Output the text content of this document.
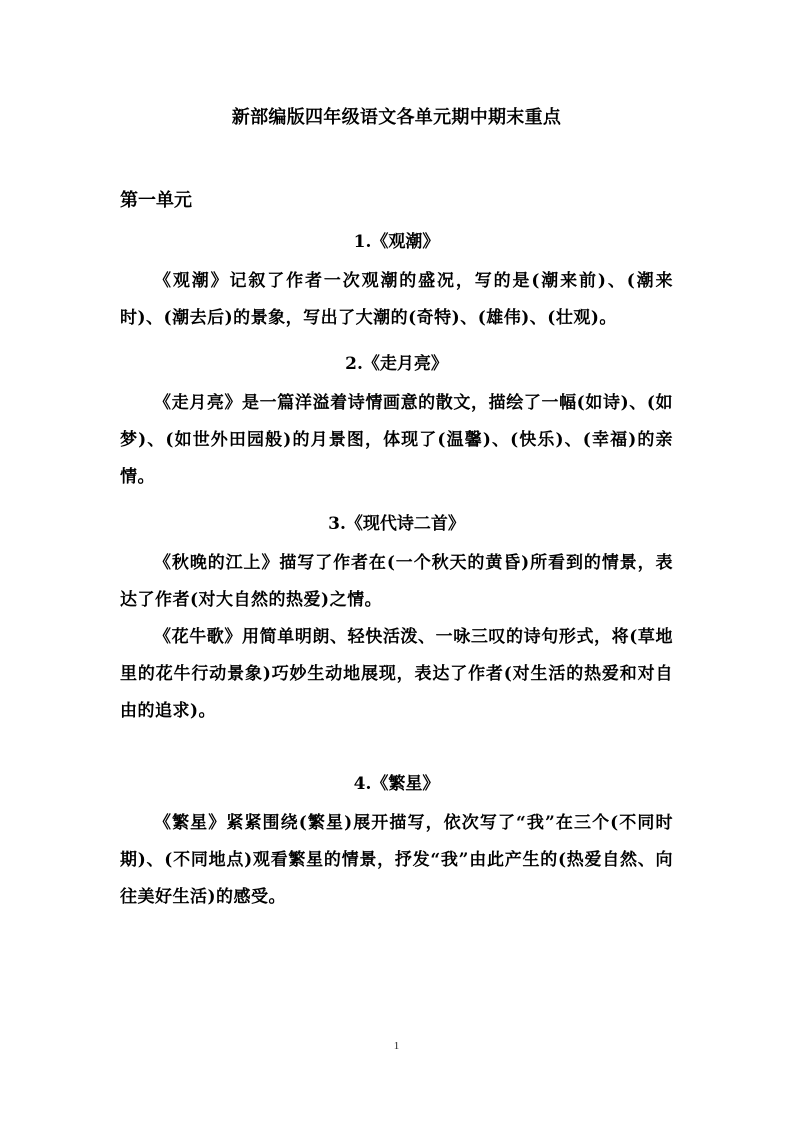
新部编版四年级语文各单元期中期末重点
第一单元

1.《观潮》

《观潮》记叙了作者一次观潮的盛况，写的是(潮来前)、(潮来时)、(潮去后)的景象，写出了大潮的(奇特)、(雄伟)、(壮观)。

2.《走月亮》

《走月亮》是一篇洋溢着诗情画意的散文，描绘了一幅(如诗)、(如梦)、(如世外田园般)的月景图，体现了(温馨)、(快乐)、(幸福)的亲情。

3.《现代诗二首》

《秋晚的江上》描写了作者在(一个秋天的黄昏)所看到的情景，表达了作者(对大自然的热爱)之情。

《花牛歌》用简单明朗、轻快活泼、一咏三叹的诗句形式，将(草地里的花牛行动景象)巧妙生动地展现，表达了作者(对生活的热爱和对自由的追求)。

4.《繁星》

《繁星》紧紧围绕(繁星)展开描写，依次写了“我”在三个(不同时期)、(不同地点)观看繁星的情景，抒发“我”由此产生的(热爱自然、向往美好生活)的感受。

1
